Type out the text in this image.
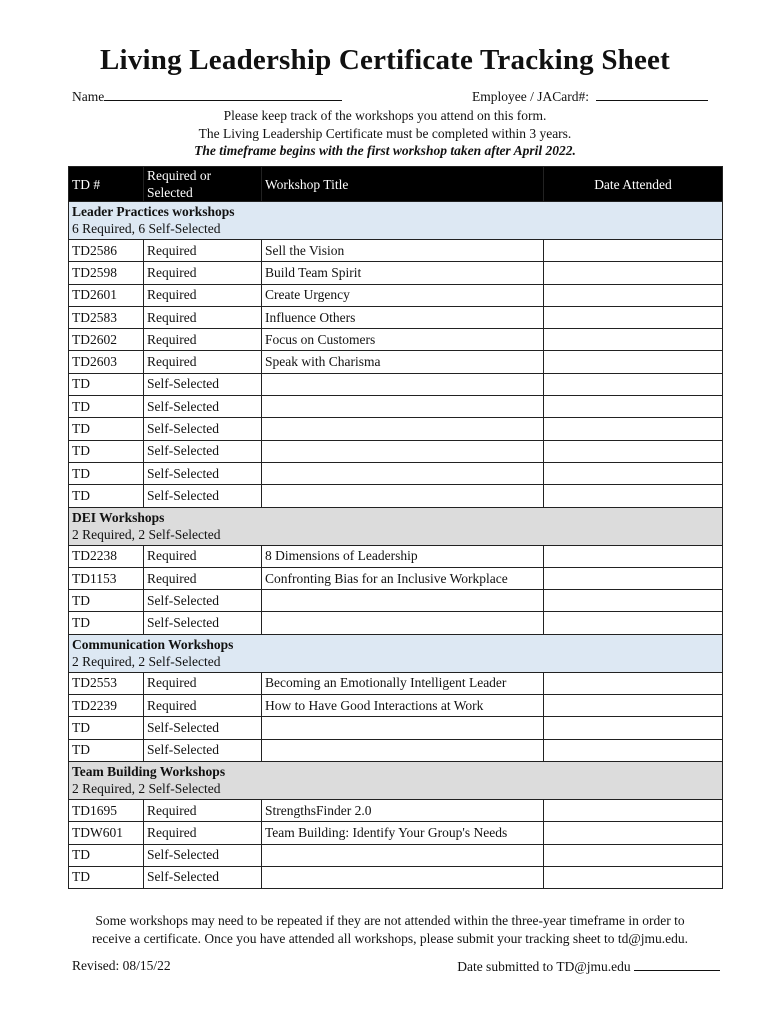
Living Leadership Certificate Tracking Sheet
Name	Employee / JACard#:
Please keep track of the workshops you attend on this form.
The Living Leadership Certificate must be completed within 3 years.
The timeframe begins with the first workshop taken after April 2022.
TD #	Required or Selected	Workshop Title	Date Attended

Leader Practices workshops
6 Required, 6 Self-Selected			

TD2586	Required	Sell the Vision	
TD2598	Required	Build Team Spirit	
TD2601	Required	Create Urgency	
TD2583	Required	Influence Others	
TD2602	Required	Focus on Customers	
TD2603	Required	Speak with Charisma	
TD	Self-Selected		
TD	Self-Selected		
TD	Self-Selected		
TD	Self-Selected		
TD	Self-Selected		
TD	Self-Selected		

DEI Workshops
2 Required, 2 Self-Selected			

TD2238	Required	8 Dimensions of Leadership	
TD1153	Required	Confronting Bias for an Inclusive Workplace	
TD	Self-Selected		
TD	Self-Selected		

Communication Workshops
2 Required, 2 Self-Selected			

TD2553	Required	Becoming an Emotionally Intelligent Leader	
TD2239	Required	How to Have Good Interactions at Work	
TD	Self-Selected		
TD	Self-Selected		

Team Building Workshops
2 Required, 2 Self-Selected			

TD1695	Required	StrengthsFinder 2.0	
TDW601	Required	Team Building: Identify Your Group's Needs	
TD	Self-Selected		
TD	Self-Selected		
Some workshops may need to be repeated if they are not attended within the three-year timeframe in order to receive a certificate. Once you have attended all workshops, please submit your tracking sheet to td@jmu.edu.
Revised: 08/15/22	Date submitted to TD@jmu.edu
